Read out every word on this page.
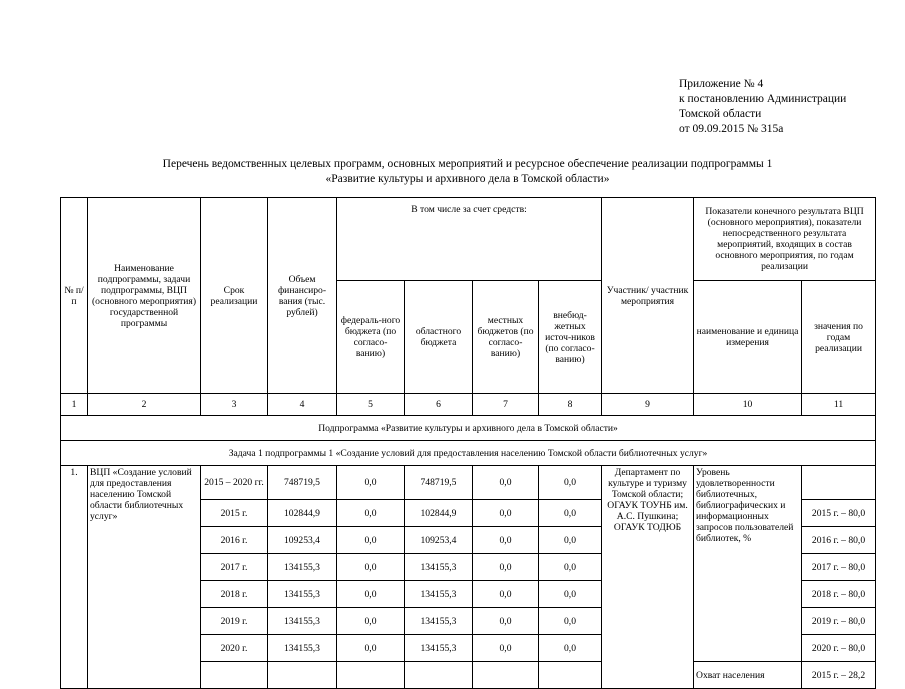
Приложение № 4
к постановлению Администрации
Томской области
от 09.09.2015 № 315а
Перечень ведомственных целевых программ, основных мероприятий и ресурсное обеспечение реализации подпрограммы 1
«Развитие культуры и архивного дела в Томской области»
№ п/п	Наименование подпрограммы, задачи подпрограммы, ВЦП (основного мероприятия) государственной программы	Срок реализации	Объем финансиро-вания (тыс. рублей)	В том числе за счет средств:				Участник/ участник мероприятия	Показатели конечного результата ВЦП (основного мероприятия), показатели непосредственного результата мероприятий, входящих в состав основного мероприятия, по годам реализации	
				федераль-ного бюджета (по согласо-ванию)	областного бюджета	местных бюджетов (по согласо-ванию)	внебюд-жетных источ-ников (по согласо-ванию)		наименование и единица измерения	значения по годам реализации
1	2	3	4	5	6	7	8	9	10	11
Подпрограмма «Развитие культуры и архивного дела в Томской области»										
Задача 1 подпрограммы 1 «Создание условий для предоставления населению Томской области библиотечных услуг»										
1.	ВЦП «Создание условий для предоставления населению Томской области библиотечных услуг»	2015 – 2020 гг.	748719,5	0,0	748719,5	0,0	0,0	Департамент по культуре и туризму Томской области; ОГАУК ТОУНБ им. А.С. Пушкина; ОГАУК ТОДЮБ	Уровень удовлетворенности библиотечных, библиографических и информационных запросов пользователей библиотек, %	
		2015 г.	102844,9	0,0	102844,9	0,0	0,0			2015 г. – 80,0
		2016 г.	109253,4	0,0	109253,4	0,0	0,0			2016 г. – 80,0
		2017 г.	134155,3	0,0	134155,3	0,0	0,0			2017 г. – 80,0
		2018 г.	134155,3	0,0	134155,3	0,0	0,0			2018 г. – 80,0
		2019 г.	134155,3	0,0	134155,3	0,0	0,0			2019 г. – 80,0
		2020 г.	134155,3	0,0	134155,3	0,0	0,0			2020 г. – 80,0
									Охват населения	2015 г. – 28,2
